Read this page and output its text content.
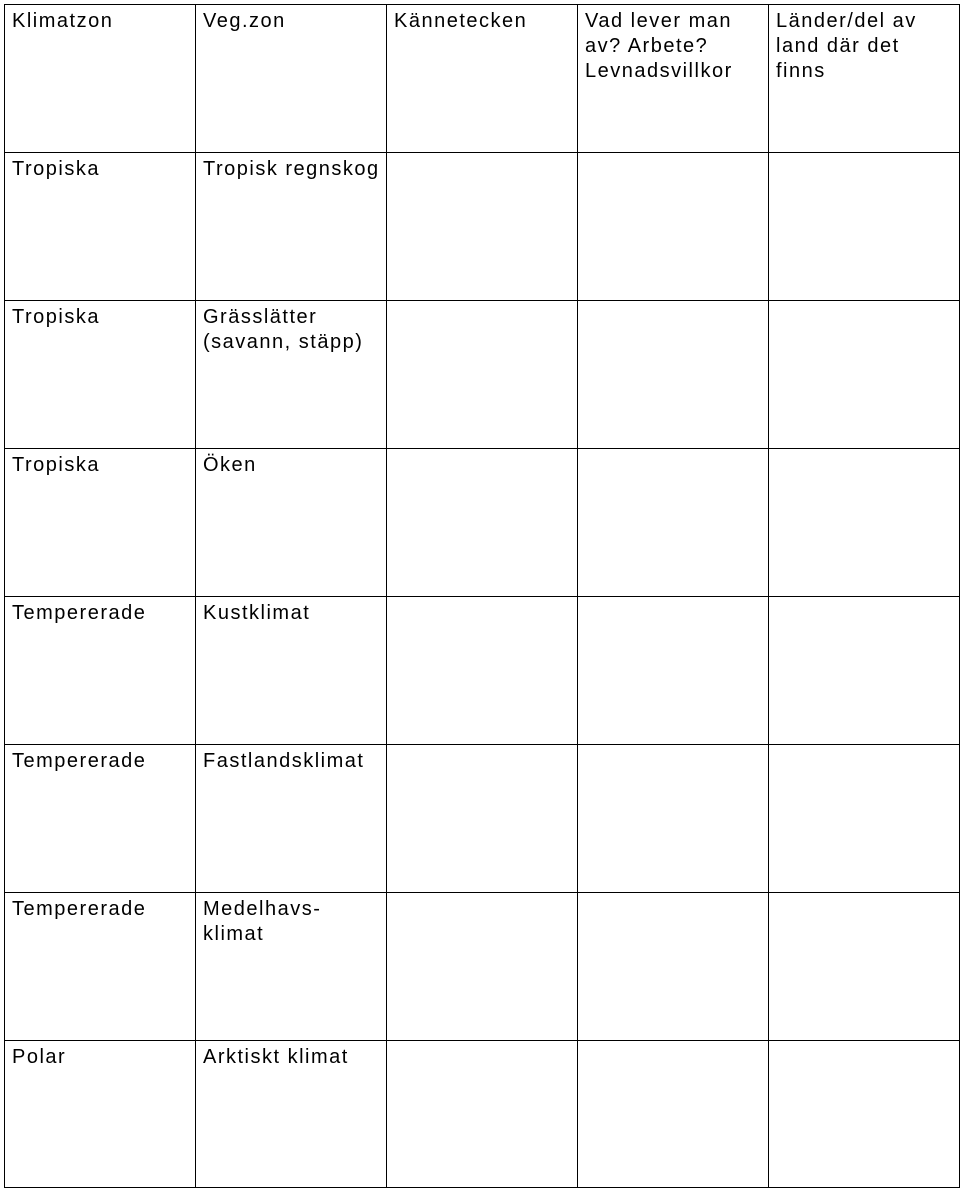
Klimatzon	Veg.zon	Kännetecken	Vad lever man av? Arbete? Levnadsvillkor	Länder/del av land där det finns

Tropiska	Tropisk regnskog			

Tropiska	Grässlätter (savann, stäpp)			

Tropiska	Öken			

Tempererade	Kustklimat			

Tempererade	Fastlandsklimat			

Tempererade	Medelhavs-klimat			

Polar	Arktiskt klimat			
